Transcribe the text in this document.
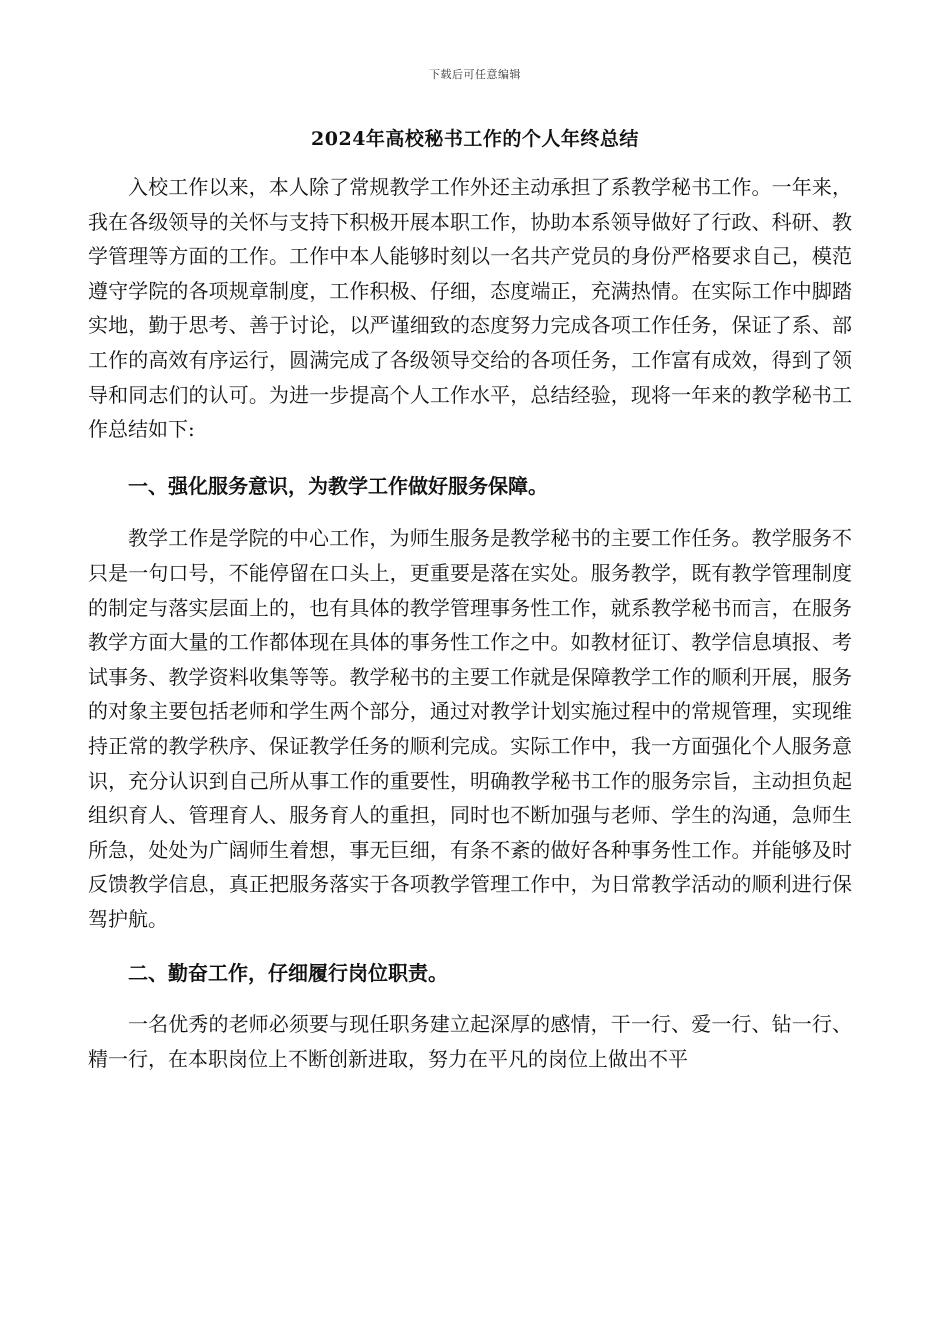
下载后可任意编辑
2024年高校秘书工作的个人年终总结

入校工作以来，本人除了常规教学工作外还主动承担了系教学秘书工作。一年来，我在各级领导的关怀与支持下积极开展本职工作，协助本系领导做好了行政、科研、教学管理等方面的工作。工作中本人能够时刻以一名共产党员的身份严格要求自己，模范遵守学院的各项规章制度，工作积极、仔细，态度端正，充满热情。在实际工作中脚踏实地，勤于思考、善于讨论，以严谨细致的态度努力完成各项工作任务，保证了系、部工作的高效有序运行，圆满完成了各级领导交给的各项任务，工作富有成效，得到了领导和同志们的认可。为进一步提高个人工作水平，总结经验，现将一年来的教学秘书工作总结如下:

一、强化服务意识，为教学工作做好服务保障。

教学工作是学院的中心工作，为师生服务是教学秘书的主要工作任务。教学服务不只是一句口号，不能停留在口头上，更重要是落在实处。服务教学，既有教学管理制度的制定与落实层面上的，也有具体的教学管理事务性工作，就系教学秘书而言，在服务教学方面大量的工作都体现在具体的事务性工作之中。如教材征订、教学信息填报、考试事务、教学资料收集等等。教学秘书的主要工作就是保障教学工作的顺利开展，服务的对象主要包括老师和学生两个部分，通过对教学计划实施过程中的常规管理，实现维持正常的教学秩序、保证教学任务的顺利完成。实际工作中，我一方面强化个人服务意识，充分认识到自己所从事工作的重要性，明确教学秘书工作的服务宗旨，主动担负起组织育人、管理育人、服务育人的重担，同时也不断加强与老师、学生的沟通，急师生所急，处处为广阔师生着想，事无巨细，有条不紊的做好各种事务性工作。并能够及时反馈教学信息，真正把服务落实于各项教学管理工作中，为日常教学活动的顺利进行保驾护航。

二、勤奋工作，仔细履行岗位职责。

一名优秀的老师必须要与现任职务建立起深厚的感情，干一行、爱一行、钻一行、精一行，在本职岗位上不断创新进取，努力在平凡的岗位上做出不平
